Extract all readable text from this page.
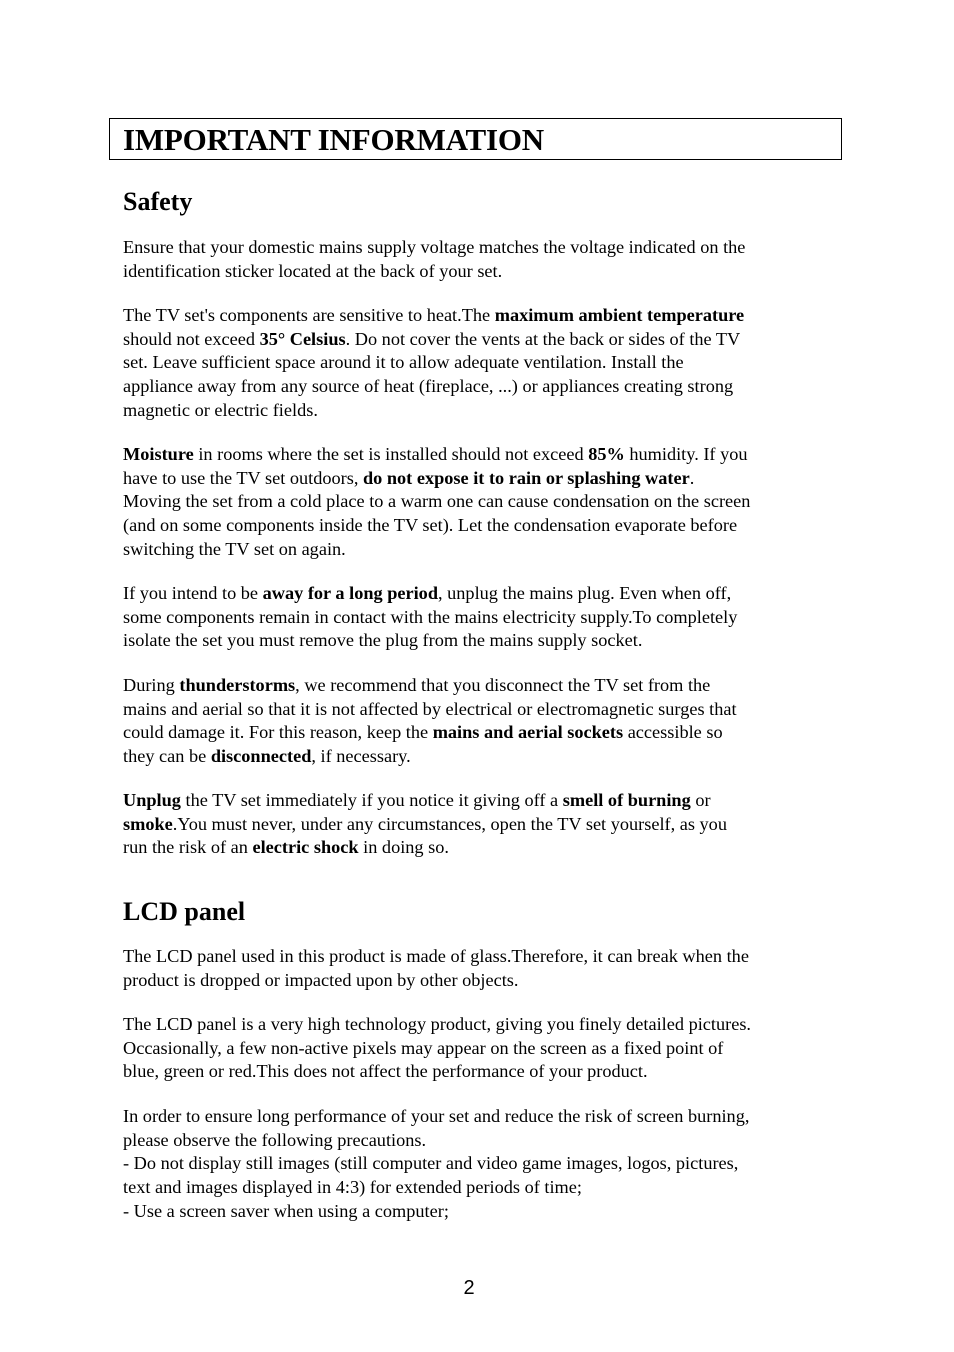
IMPORTANT INFORMATION
Safety

Ensure that your domestic mains supply voltage matches the voltage indicated on the
identification sticker located at the back of your set.

The TV set's components are sensitive to heat.The maximum ambient temperature
should not exceed 35° Celsius. Do not cover the vents at the back or sides of the TV
set. Leave sufficient space around it to allow adequate ventilation. Install the
appliance away from any source of heat (fireplace, ...) or appliances creating strong
magnetic or electric fields.

Moisture in rooms where the set is installed should not exceed 85% humidity. If you
have to use the TV set outdoors, do not expose it to rain or splashing water.
Moving the set from a cold place to a warm one can cause condensation on the screen
(and on some components inside the TV set). Let the condensation evaporate before
switching the TV set on again.

If you intend to be away for a long period, unplug the mains plug. Even when off,
some components remain in contact with the mains electricity supply.To completely
isolate the set you must remove the plug from the mains supply socket.

During thunderstorms, we recommend that you disconnect the TV set from the
mains and aerial so that it is not affected by electrical or electromagnetic surges that
could damage it. For this reason, keep the mains and aerial sockets accessible so
they can be disconnected, if necessary.

Unplug the TV set immediately if you notice it giving off a smell of burning or
smoke.You must never, under any circumstances, open the TV set yourself, as you
run the risk of an electric shock in doing so.

LCD panel

The LCD panel used in this product is made of glass.Therefore, it can break when the
product is dropped or impacted upon by other objects.

The LCD panel is a very high technology product, giving you finely detailed pictures.
Occasionally, a few non-active pixels may appear on the screen as a fixed point of
blue, green or red.This does not affect the performance of your product.

In order to ensure long performance of your set and reduce the risk of screen burning,
please observe the following precautions.
- Do not display still images (still computer and video game images, logos, pictures,
text and images displayed in 4:3) for extended periods of time;
- Use a screen saver when using a computer;

2
